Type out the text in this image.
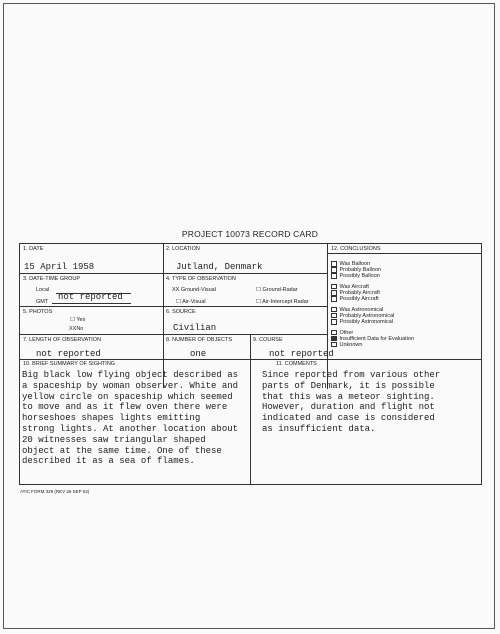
PROJECT 10073 RECORD CARD
1. DATE
15 April 1958
2. LOCATION
Jutland, Denmark
3. DATE-TIME GROUP
Local
GMT not reported
4. TYPE OF OBSERVATION
XX Ground-Visual	☐ Ground-Radar
☐ Air-Visual	☐ Air-Intercept Radar
5. PHOTOS
☐ Yes
XXNo
6. SOURCE
Civilian
7. LENGTH OF OBSERVATION
not reported
8. NUMBER OF OBJECTS
one
9. COURSE
not reported
10. BRIEF SUMMARY OF SIGHTING
Big black low flying object described as
a spaceship by woman observer. White and
yellow circle on spaceship which seemed
to move and as it flew oven there were
horseshoes shapes lights emitting
strong lights. At another location about
20 witnesses saw triangular shaped
object at the same time. One of these
described it as a sea of flames.
11. COMMENTS
Since reported from various other
parts of Denmark, it is possible
that this was a meteor sighting.
However, duration and flight not
indicated and case is considered
as insufficient data.
12. CONCLUSIONS
Was Balloon
Probably Balloon
Possibly Balloon
Was Aircraft
Probably Aircraft
Possibly Aircraft
Was Astronomical
Probably Astronomical
Possibly Astronomical
Other
Insufficient Data for Evaluation
Unknown
ATIC FORM 329 (REV 26 SEP 52)
